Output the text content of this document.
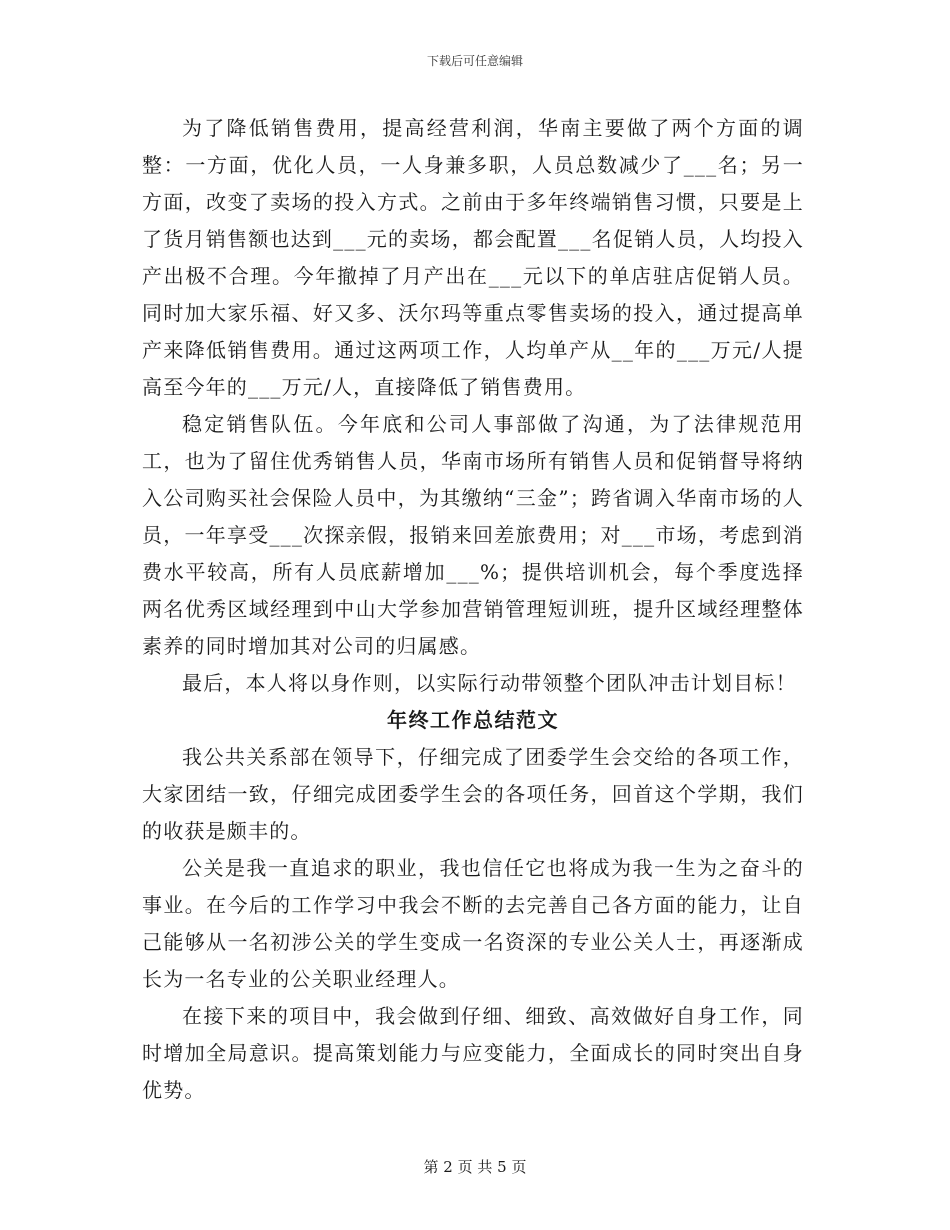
下载后可任意编辑

为了降低销售费用，提高经营利润，华南主要做了两个方面的调整：一方面，优化人员，一人身兼多职，人员总数减少了___名；另一方面，改变了卖场的投入方式。之前由于多年终端销售习惯，只要是上了货月销售额也达到___元的卖场，都会配置___名促销人员，人均投入产出极不合理。今年撤掉了月产出在___元以下的单店驻店促销人员。同时加大家乐福、好又多、沃尔玛等重点零售卖场的投入，通过提高单产来降低销售费用。通过这两项工作，人均单产从__年的___万元/人提高至今年的___万元/人，直接降低了销售费用。

稳定销售队伍。今年底和公司人事部做了沟通，为了法律规范用工，也为了留住优秀销售人员，华南市场所有销售人员和促销督导将纳入公司购买社会保险人员中，为其缴纳“三金”；跨省调入华南市场的人员，一年享受___次探亲假，报销来回差旅费用；对___市场，考虑到消费水平较高，所有人员底薪增加___%；提供培训机会，每个季度选择两名优秀区域经理到中山大学参加营销管理短训班，提升区域经理整体素养的同时增加其对公司的归属感。

最后，本人将以身作则，以实际行动带领整个团队冲击计划目标！

年终工作总结范文

我公共关系部在领导下，仔细完成了团委学生会交给的各项工作，大家团结一致，仔细完成团委学生会的各项任务，回首这个学期，我们的收获是颇丰的。

公关是我一直追求的职业，我也信任它也将成为我一生为之奋斗的事业。在今后的工作学习中我会不断的去完善自己各方面的能力，让自己能够从一名初涉公关的学生变成一名资深的专业公关人士，再逐渐成长为一名专业的公关职业经理人。

在接下来的项目中，我会做到仔细、细致、高效做好自身工作，同时增加全局意识。提高策划能力与应变能力，全面成长的同时突出自身优势。

第 2 页 共 5 页
